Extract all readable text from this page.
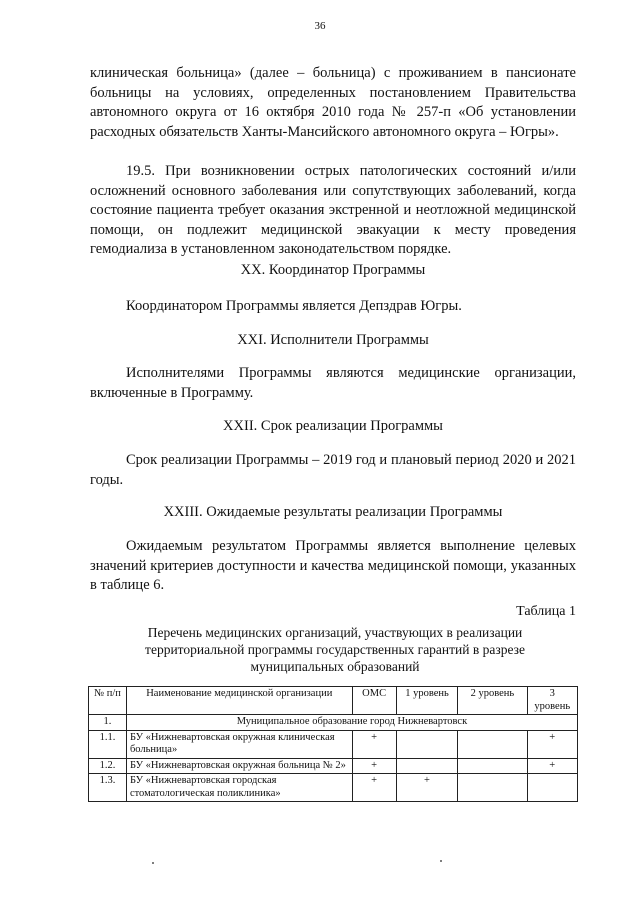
36

клиническая больница» (далее – больница) с проживанием в пансионате больницы на условиях, определенных постановлением Правительства автономного округа от 16 октября 2010 года № 257-п «Об установлении расходных обязательств Ханты-Мансийского автономного округа – Югры».

19.5. При возникновении острых патологических состояний и/или осложнений основного заболевания или сопутствующих заболеваний, когда состояние пациента требует оказания экстренной и неотложной медицинской помощи, он подлежит медицинской эвакуации к месту проведения гемодиализа в установленном законодательством порядке.

XX. Координатор Программы

Координатором Программы является Депздрав Югры.

XXI. Исполнители Программы

Исполнителями Программы являются медицинские организации, включенные в Программу.

XXII. Срок реализации Программы

Срок реализации Программы – 2019 год и плановый период 2020 и 2021 годы.

XXIII. Ожидаемые результаты реализации Программы

Ожидаемым результатом Программы является выполнение целевых значений критериев доступности и качества медицинской помощи, указанных в таблице 6.

Таблица 1
Перечень медицинских организаций, участвующих в реализации территориальной программы государственных гарантий в разрезе муниципальных образований
№ п/п	Наименование медицинской организации	ОМС	1 уровень	2 уровень	3 уровень
1.	Муниципальное образование город Нижневартовск				
1.1.	БУ «Нижневартовская окружная клиническая больница»	+			+
1.2.	БУ «Нижневартовская окружная больница № 2»	+			+
1.3.	БУ «Нижневартовская городская стоматологическая поликлиника»	+	+		
